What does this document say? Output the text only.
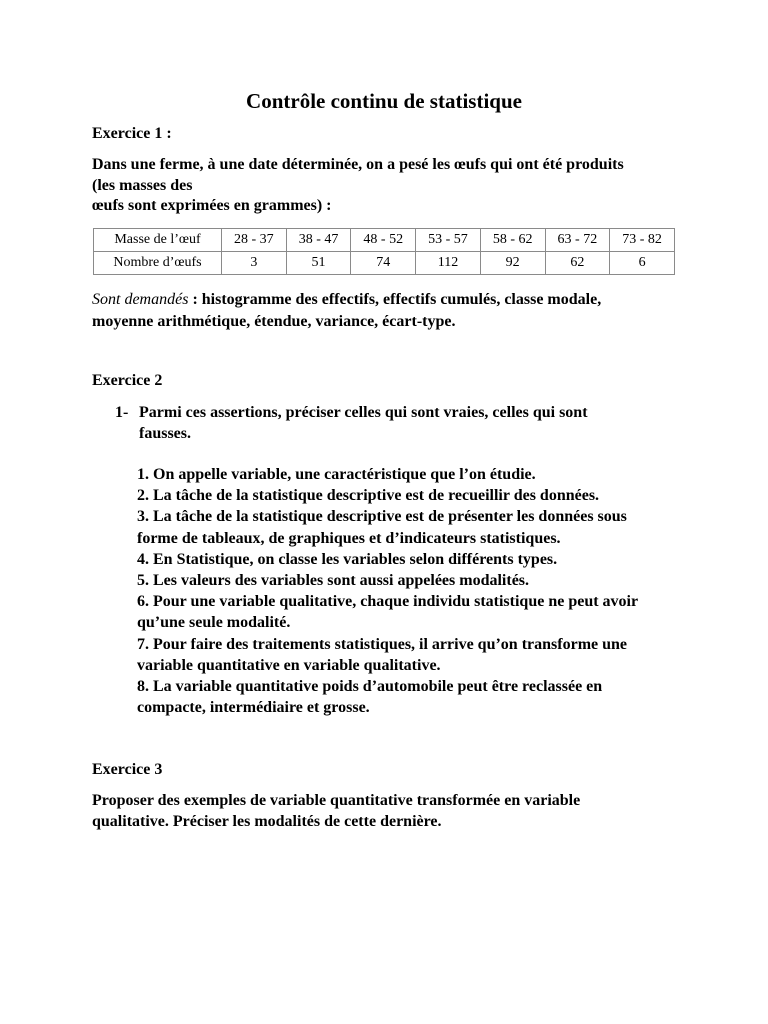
Contrôle continu de statistique

Exercice 1 :

Dans une ferme, à une date déterminée, on a pesé les œufs qui ont été produits
(les masses des
œufs sont exprimées en grammes) :

Masse de l’œuf	28 - 37	38 - 47	48 - 52	53 - 57	58 - 62	63 - 72	73 - 82
Nombre d’œufs	3	51	74	112	92	62	6

Sont demandés : histogramme des effectifs, effectifs cumulés, classe modale,
moyenne arithmétique, étendue, variance, écart-type.

Exercice 2

1- Parmi ces assertions, préciser celles qui sont vraies, celles qui sont
fausses.

1. On appelle variable, une caractéristique que l’on étudie.
2. La tâche de la statistique descriptive est de recueillir des données.
3. La tâche de la statistique descriptive est de présenter les données sous
forme de tableaux, de graphiques et d’indicateurs statistiques.
4. En Statistique, on classe les variables selon différents types.
5. Les valeurs des variables sont aussi appelées modalités.
6. Pour une variable qualitative, chaque individu statistique ne peut avoir
qu’une seule modalité.
7. Pour faire des traitements statistiques, il arrive qu’on transforme une
variable quantitative en variable qualitative.
8. La variable quantitative poids d’automobile peut être reclassée en
compacte, intermédiaire et grosse.

Exercice 3

Proposer des exemples de variable quantitative transformée en variable
qualitative. Préciser les modalités de cette dernière.
